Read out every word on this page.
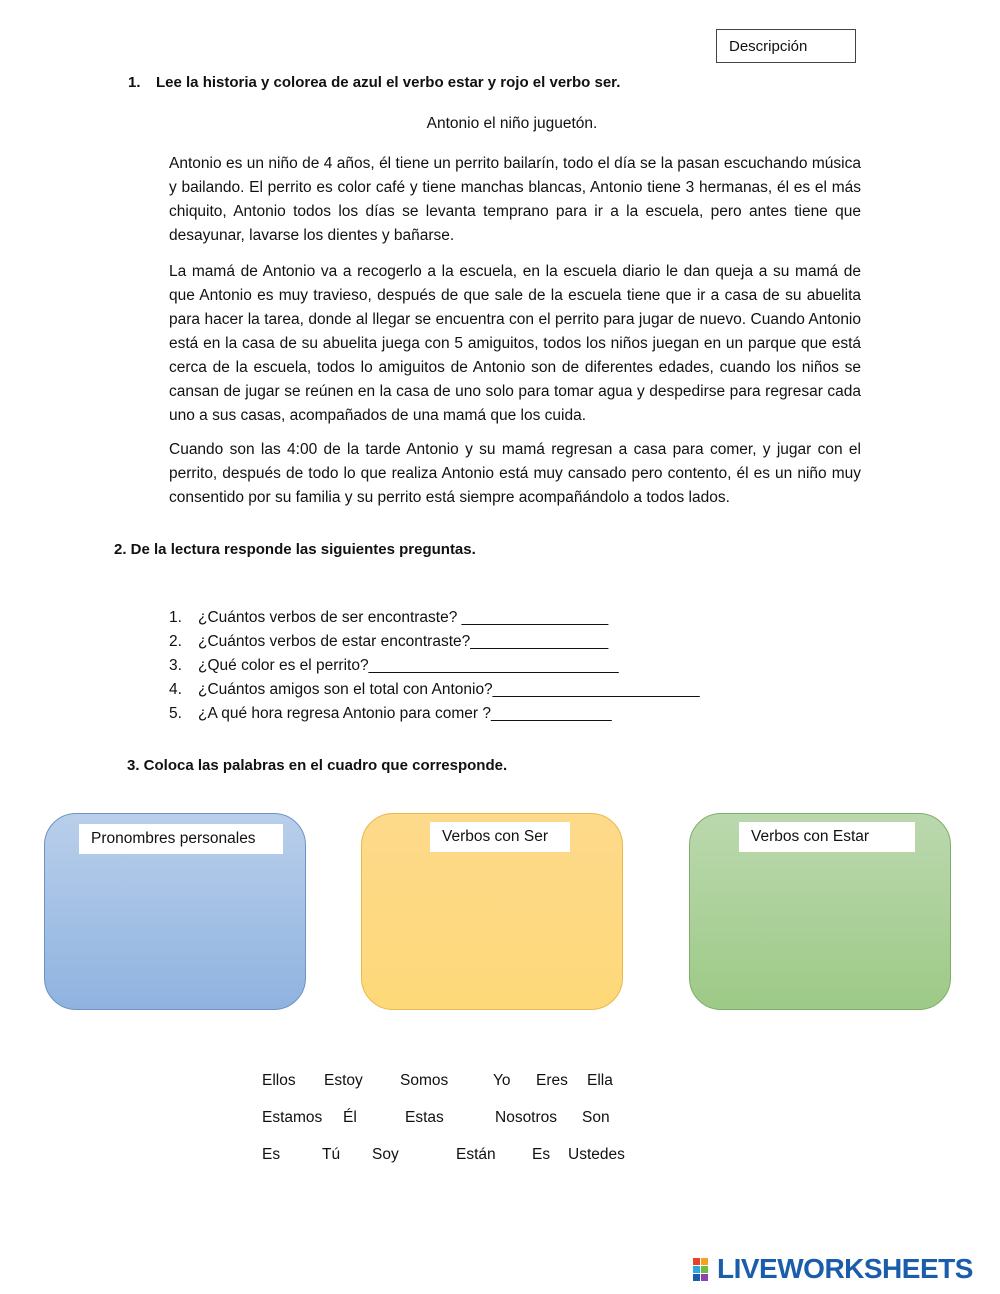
Descripción
1. Lee la historia y colorea de azul el verbo estar y rojo el verbo ser.
Antonio el niño juguetón.

Antonio es un niño de 4 años, él tiene un perrito bailarín, todo el día se la pasan escuchando música y bailando. El perrito es color café y tiene manchas blancas, Antonio tiene 3 hermanas, él es el más chiquito, Antonio todos los días se levanta temprano para ir a la escuela, pero antes tiene que desayunar, lavarse los dientes y bañarse.

La mamá de Antonio va a recogerlo a la escuela, en la escuela diario le dan queja a su mamá de que Antonio es muy travieso, después de que sale de la escuela tiene que ir a casa de su abuelita para hacer la tarea, donde al llegar se encuentra con el perrito para jugar de nuevo. Cuando Antonio está en la casa de su abuelita juega con 5 amiguitos, todos los niños juegan en un parque que está cerca de la escuela, todos lo amiguitos de Antonio son de diferentes edades, cuando los niños se cansan de jugar se reúnen en la casa de uno solo para tomar agua y despedirse para regresar cada uno a sus casas, acompañados de una mamá que los cuida.

Cuando son las 4:00 de la tarde Antonio y su mamá regresan a casa para comer, y jugar con el perrito, después de todo lo que realiza Antonio está muy cansado pero contento, él es un niño muy consentido por su familia y su perrito está siempre acompañándolo a todos lados.

2. De la lectura responde las siguientes preguntas.
1. ¿Cuántos verbos de ser encontraste? _________________
2. ¿Cuántos verbos de estar encontraste?________________
3. ¿Qué color es el perrito?_____________________________
4. ¿Cuántos amigos son el total con Antonio?________________________
5. ¿A qué hora regresa Antonio para comer ?______________
3. Coloca las palabras en el cuadro que corresponde.
Pronombres personales	Verbos con Ser	Verbos con Estar
Ellos Estoy Somos	Yo Eres Ella
Estamos Él	Estas	Nosotros Son
Es	Tú Soy	Están Es Ustedes
LIVEWORKSHEETS
